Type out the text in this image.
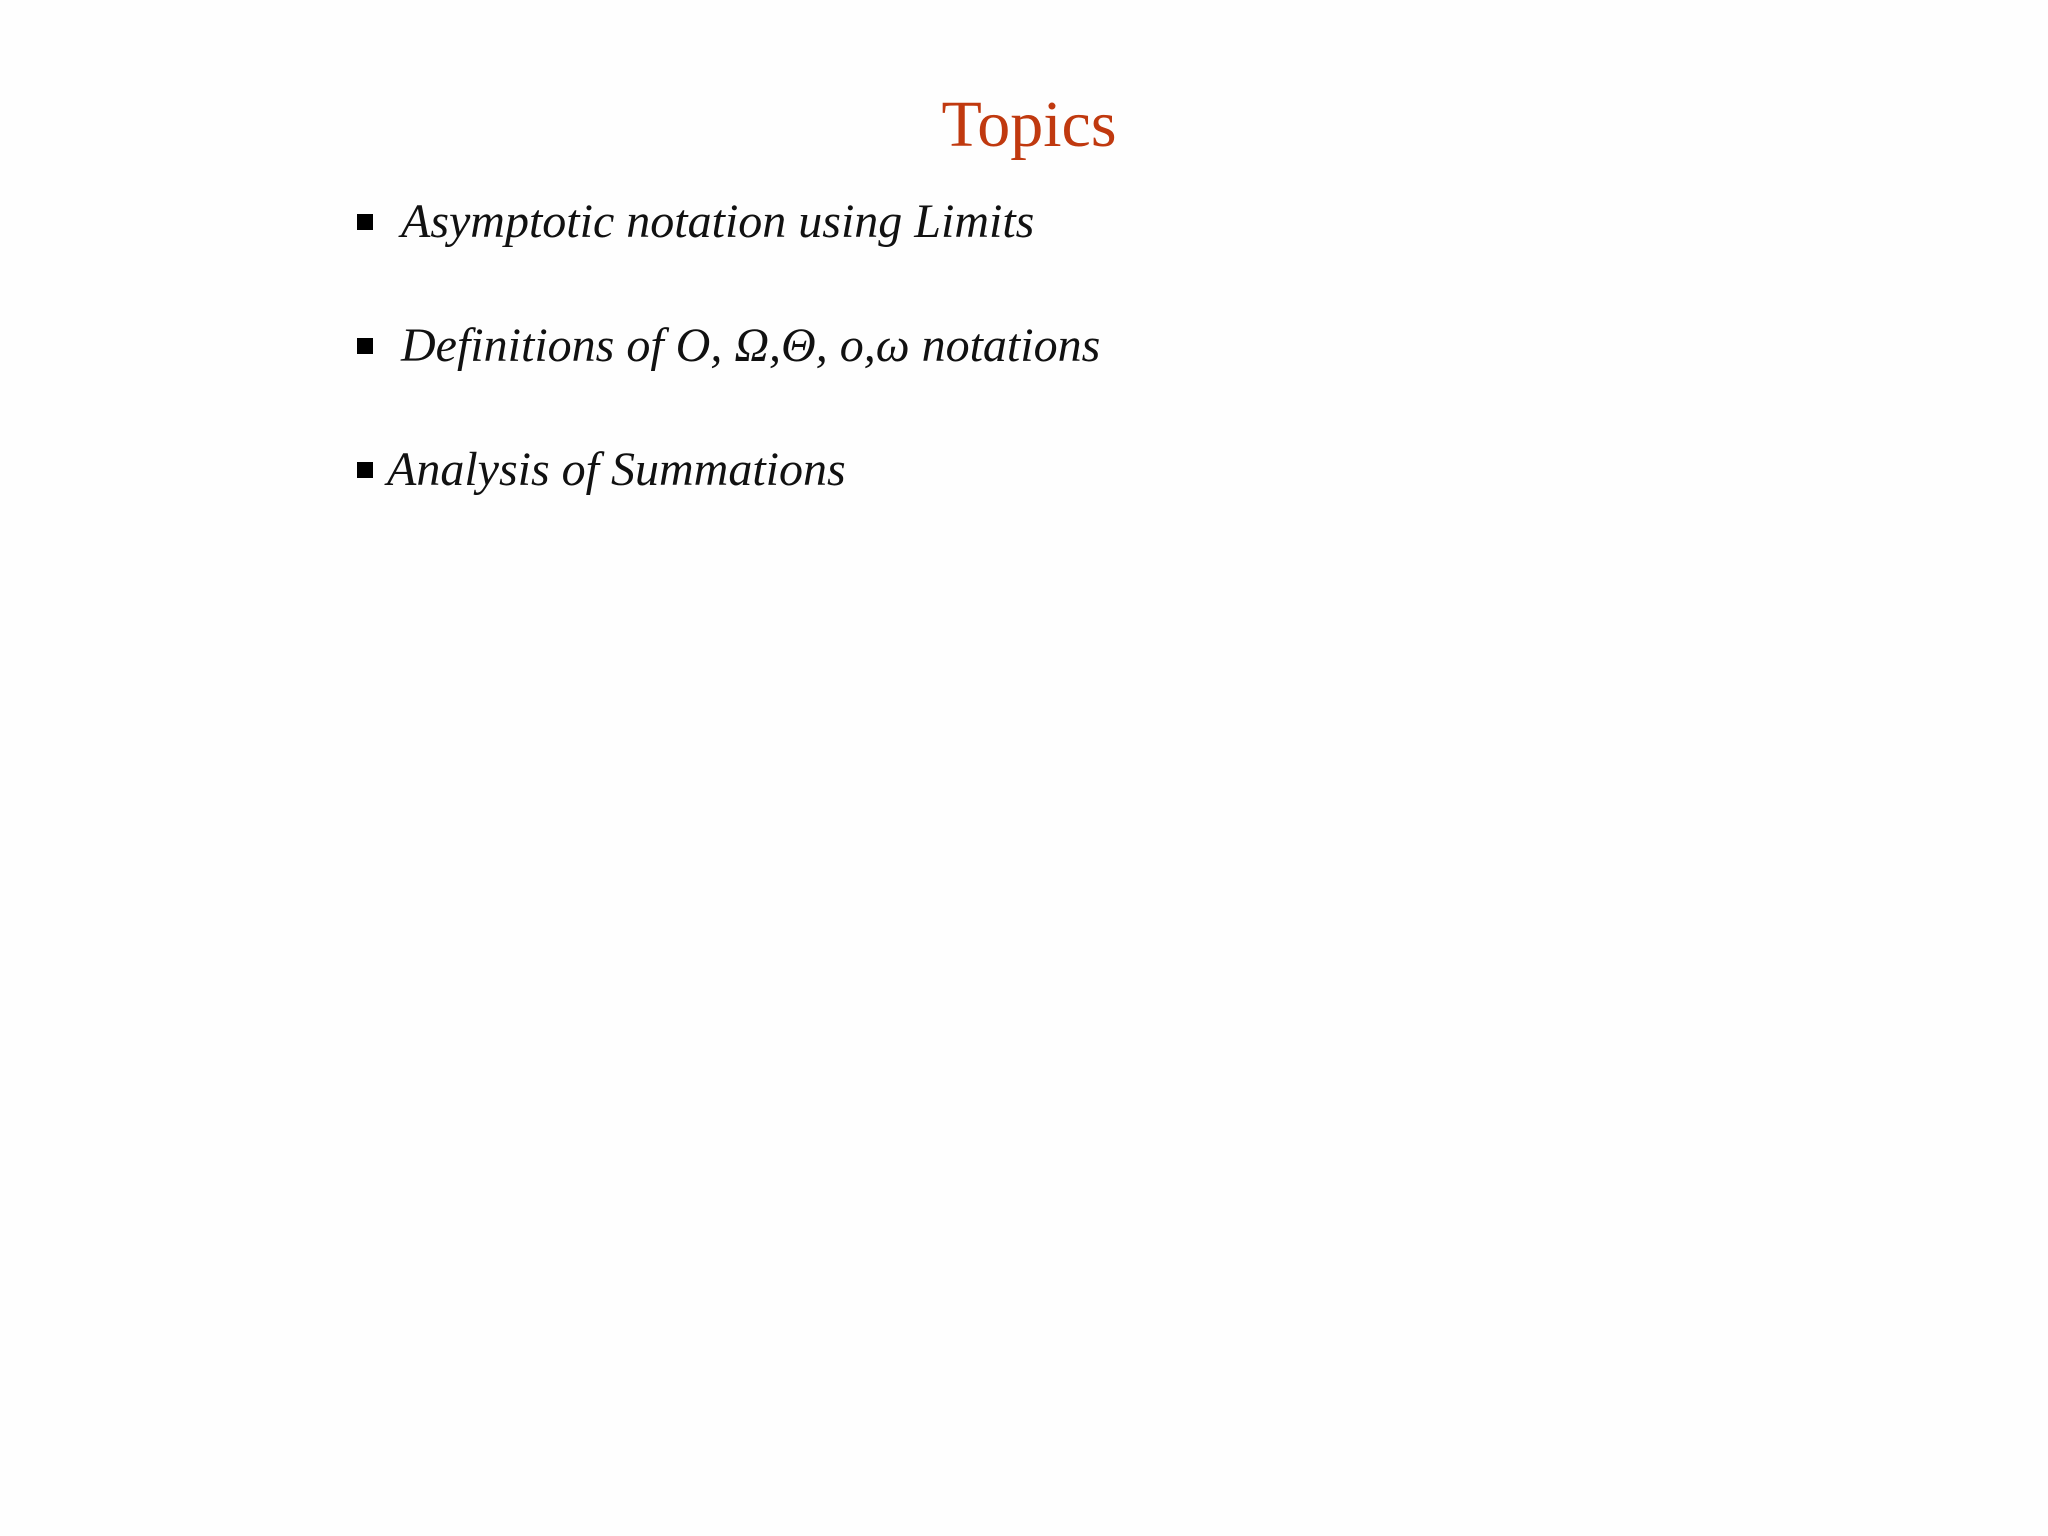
Topics
Asymptotic notation using Limits
Definitions of O, Ω,Θ, o,ω notations
Analysis of Summations
